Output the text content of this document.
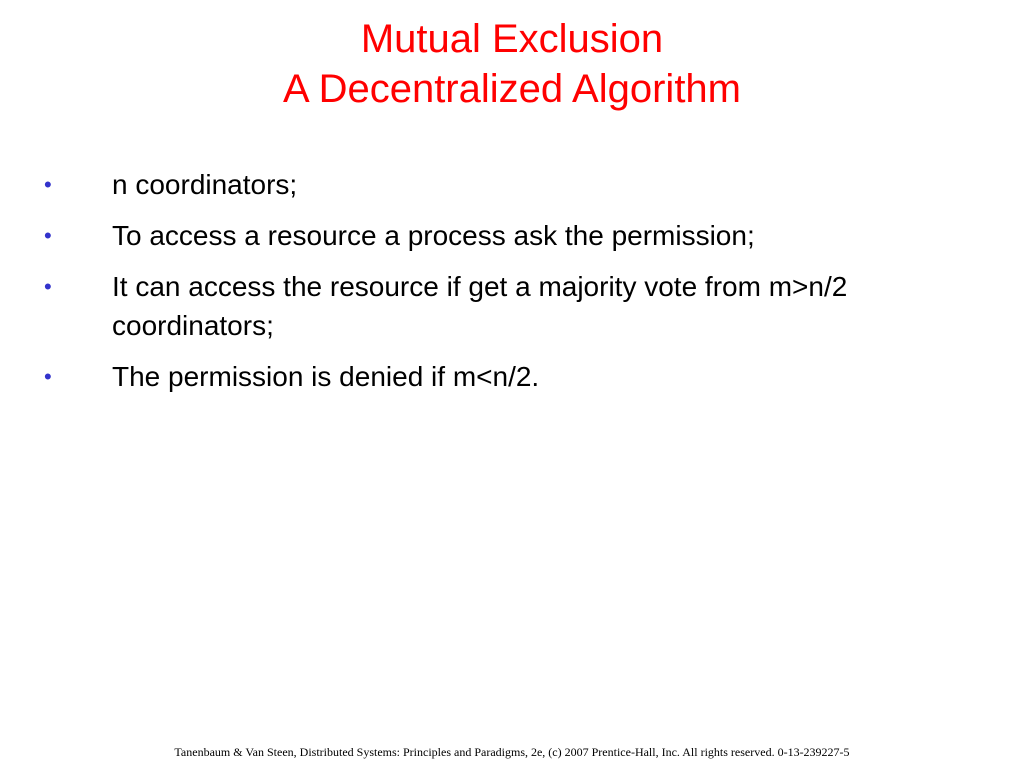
Mutual Exclusion
A Decentralized Algorithm
• n coordinators;
• To access a resource a process ask the permission;
• It can access the resource if get a majority vote from m>n/2 coordinators;
• The permission is denied if m<n/2.
Tanenbaum & Van Steen, Distributed Systems: Principles and Paradigms, 2e, (c) 2007 Prentice-Hall, Inc. All rights reserved. 0-13-239227-5
